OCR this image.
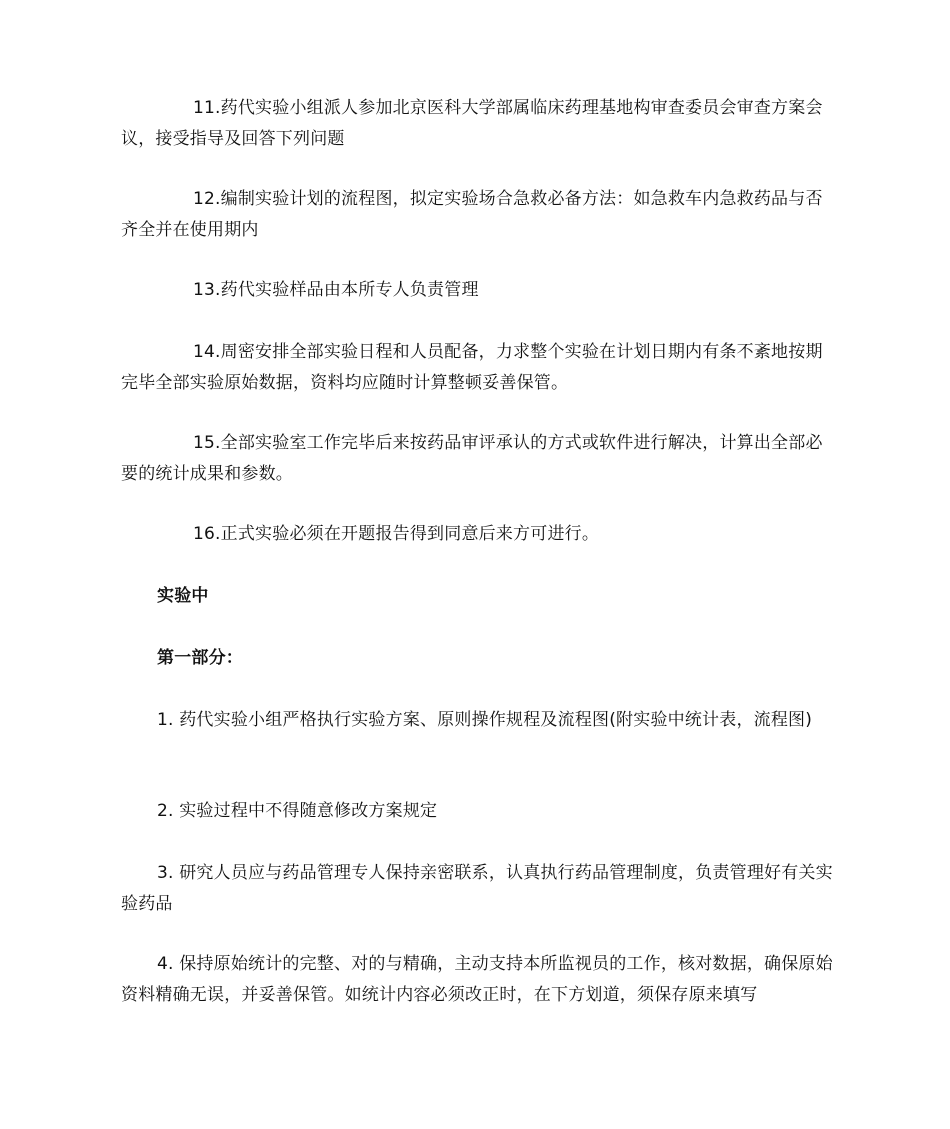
11.药代实验小组派人参加北京医科大学部属临床药理基地构审查委员会审查方案会议，接受指导及回答下列问题

12.编制实验计划的流程图，拟定实验场合急救必备方法：如急救车内急救药品与否齐全并在使用期内

13.药代实验样品由本所专人负责管理

14.周密安排全部实验日程和人员配备，力求整个实验在计划日期内有条不紊地按期完毕全部实验原始数据，资料均应随时计算整顿妥善保管。

15.全部实验室工作完毕后来按药品审评承认的方式或软件进行解决，计算出全部必要的统计成果和参数。

16.正式实验必须在开题报告得到同意后来方可进行。

实验中

第一部分：

1. 药代实验小组严格执行实验方案、原则操作规程及流程图(附实验中统计表，流程图)

2. 实验过程中不得随意修改方案规定

3. 研究人员应与药品管理专人保持亲密联系，认真执行药品管理制度，负责管理好有关实验药品

4. 保持原始统计的完整、对的与精确，主动支持本所监视员的工作，核对数据，确保原始资料精确无误，并妥善保管。如统计内容必须改正时，在下方划道，须保存原来填写
